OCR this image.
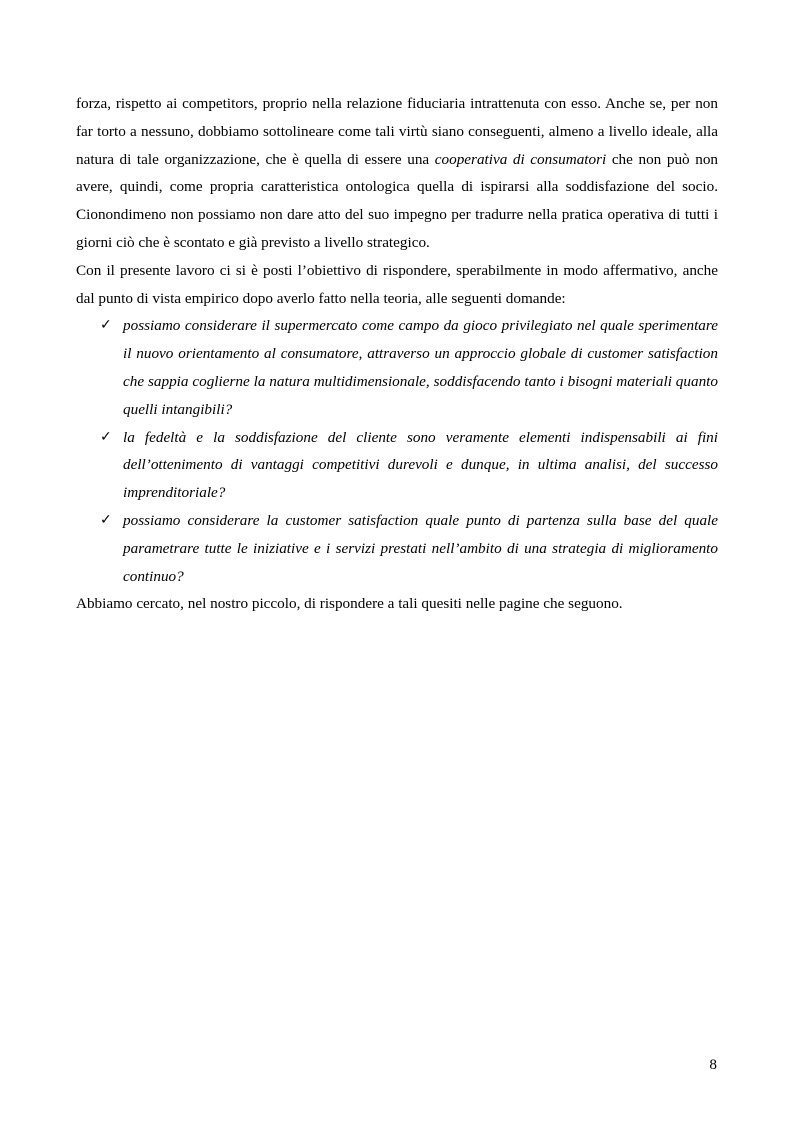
forza, rispetto ai competitors, proprio nella relazione fiduciaria intrattenuta con esso. Anche se, per non far torto a nessuno, dobbiamo sottolineare come tali virtù siano conseguenti, almeno a livello ideale, alla natura di tale organizzazione, che è quella di essere una cooperativa di consumatori che non può non avere, quindi, come propria caratteristica ontologica quella di ispirarsi alla soddisfazione del socio. Cionondimeno non possiamo non dare atto del suo impegno per tradurre nella pratica operativa di tutti i giorni ciò che è scontato e già previsto a livello strategico.

Con il presente lavoro ci si è posti l’obiettivo di rispondere, sperabilmente in modo affermativo, anche dal punto di vista empirico dopo averlo fatto nella teoria, alle seguenti domande:

✓ possiamo considerare il supermercato come campo da gioco privilegiato nel quale sperimentare il nuovo orientamento al consumatore, attraverso un approccio globale di customer satisfaction che sappia coglierne la natura multidimensionale, soddisfacendo tanto i bisogni materiali quanto quelli intangibili?
✓ la fedeltà e la soddisfazione del cliente sono veramente elementi indispensabili ai fini dell’ottenimento di vantaggi competitivi durevoli e dunque, in ultima analisi, del successo imprenditoriale?
✓ possiamo considerare la customer satisfaction quale punto di partenza sulla base del quale parametrare tutte le iniziative e i servizi prestati nell’ambito di una strategia di miglioramento continuo?

Abbiamo cercato, nel nostro piccolo, di rispondere a tali quesiti nelle pagine che seguono.

8
